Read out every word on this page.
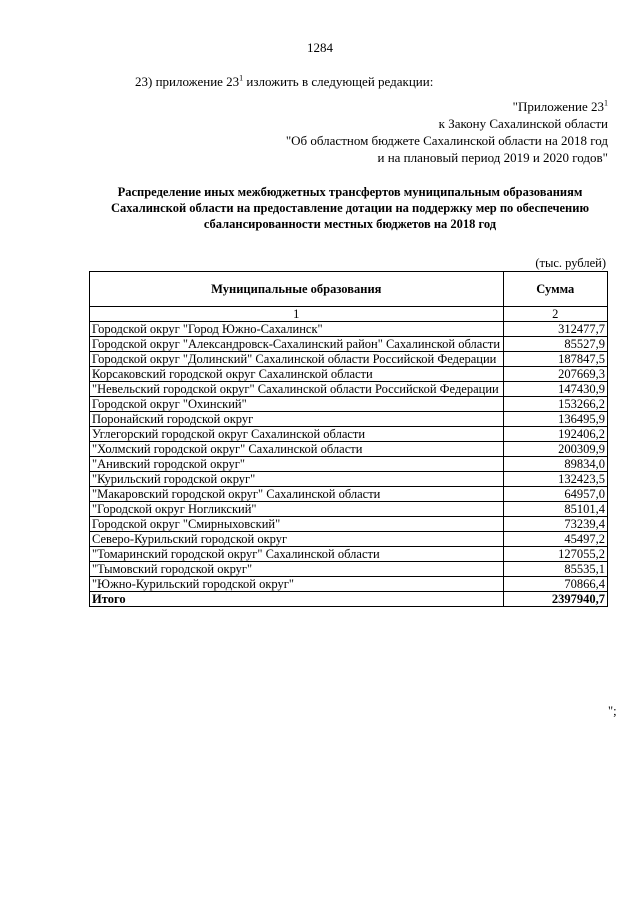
1284
23) приложение $23^1$ изложить в следующей редакции:
"Приложение $23^1$
к Закону Сахалинской области
"Об областном бюджете Сахалинской области на 2018 год
и на плановый период 2019 и 2020 годов"
Распределение иных межбюджетных трансфертов муниципальным образованиям
Сахалинской области на предоставление дотации на поддержку мер по обеспечению
сбалансированности местных бюджетов на 2018 год
(тыс. рублей)
Муниципальные образования	Сумма
1	2
Городской округ "Город Южно-Сахалинск"	312477,7
Городской округ "Александровск-Сахалинский район" Сахалинской области	85527,9
Городской округ "Долинский" Сахалинской области Российской Федерации	187847,5
Корсаковский городской округ Сахалинской области	207669,3
"Невельский городской округ" Сахалинской области Российской Федерации	147430,9
Городской округ "Охинский"	153266,2
Поронайский городской округ	136495,9
Углегорский городской округ Сахалинской области	192406,2
"Холмский городской округ" Сахалинской области	200309,9
"Анивский городской округ"	89834,0
"Курильский городской округ"	132423,5
"Макаровский городской округ" Сахалинской области	64957,0
"Городской округ Ногликский"	85101,4
Городской округ "Смирныховский"	73239,4
Северо-Курильский городской округ	45497,2
"Томаринский городской округ" Сахалинской области	127055,2
"Тымовский городской округ"	85535,1
"Южно-Курильский городской округ"	70866,4
Итого	2397940,7
";
